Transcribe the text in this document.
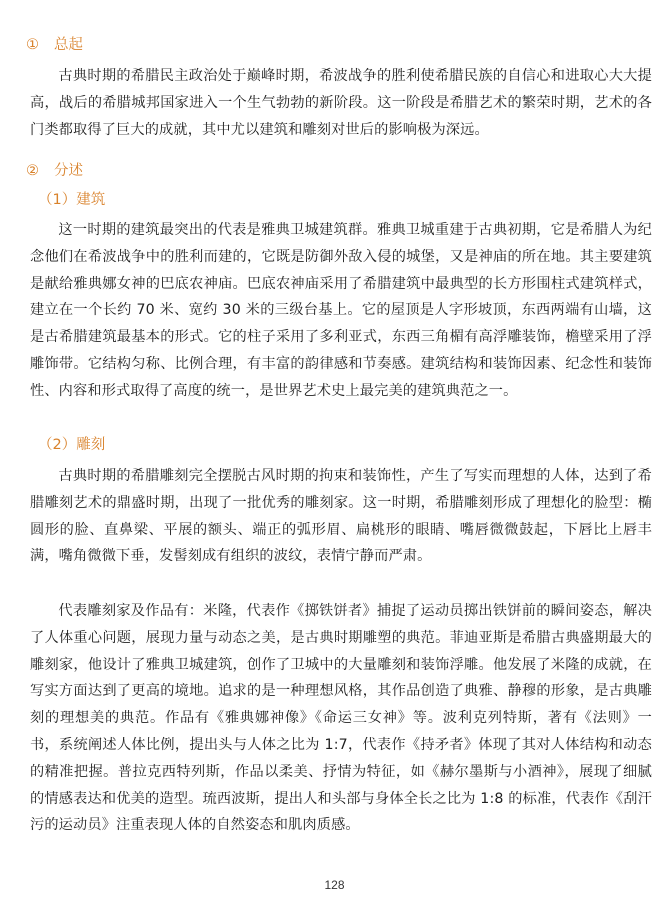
① 总起

古典时期的希腊民主政治处于巅峰时期，希波战争的胜利使希腊民族的自信心和进取心大大提高，战后的希腊城邦国家进入一个生气勃勃的新阶段。这一阶段是希腊艺术的繁荣时期，艺术的各门类都取得了巨大的成就，其中尤以建筑和雕刻对世后的影响极为深远。

② 分述
（1）建筑

这一时期的建筑最突出的代表是雅典卫城建筑群。雅典卫城重建于古典初期，它是希腊人为纪念他们在希波战争中的胜利而建的，它既是防御外敌入侵的城堡，又是神庙的所在地。其主要建筑是献给雅典娜女神的巴底农神庙。巴底农神庙采用了希腊建筑中最典型的长方形围柱式建筑样式，建立在一个长约 70 米、宽约 30 米的三级台基上。它的屋顶是人字形坡顶，东西两端有山墙，这是古希腊建筑最基本的形式。它的柱子采用了多利亚式，东西三角楣有高浮雕装饰，檐壁采用了浮雕饰带。它结构匀称、比例合理，有丰富的韵律感和节奏感。建筑结构和装饰因素、纪念性和装饰性、内容和形式取得了高度的统一，是世界艺术史上最完美的建筑典范之一。

（2）雕刻

古典时期的希腊雕刻完全摆脱古风时期的拘束和装饰性，产生了写实而理想的人体，达到了希腊雕刻艺术的鼎盛时期，出现了一批优秀的雕刻家。这一时期，希腊雕刻形成了理想化的脸型：椭圆形的脸、直鼻梁、平展的额头、端正的弧形眉、扁桃形的眼睛、嘴唇微微鼓起，下唇比上唇丰满，嘴角微微下垂，发髻刻成有组织的波纹，表情宁静而严肃。

代表雕刻家及作品有：米隆，代表作《掷铁饼者》捕捉了运动员掷出铁饼前的瞬间姿态，解决了人体重心问题，展现力量与动态之美，是古典时期雕塑的典范。菲迪亚斯是希腊古典盛期最大的雕刻家，他设计了雅典卫城建筑，创作了卫城中的大量雕刻和装饰浮雕。他发展了米隆的成就，在写实方面达到了更高的境地。追求的是一种理想风格，其作品创造了典雅、静穆的形象，是古典雕刻的理想美的典范。作品有《雅典娜神像》《命运三女神》等。波利克列特斯，著有《法则》一书，系统阐述人体比例，提出头与人体之比为 1:7，代表作《持矛者》体现了其对人体结构和动态的精准把握。普拉克西特列斯，作品以柔美、抒情为特征，如《赫尔墨斯与小酒神》，展现了细腻的情感表达和优美的造型。琉西波斯，提出人和头部与身体全长之比为 1:8 的标准，代表作《刮汗污的运动员》注重表现人体的自然姿态和肌肉质感。

128
